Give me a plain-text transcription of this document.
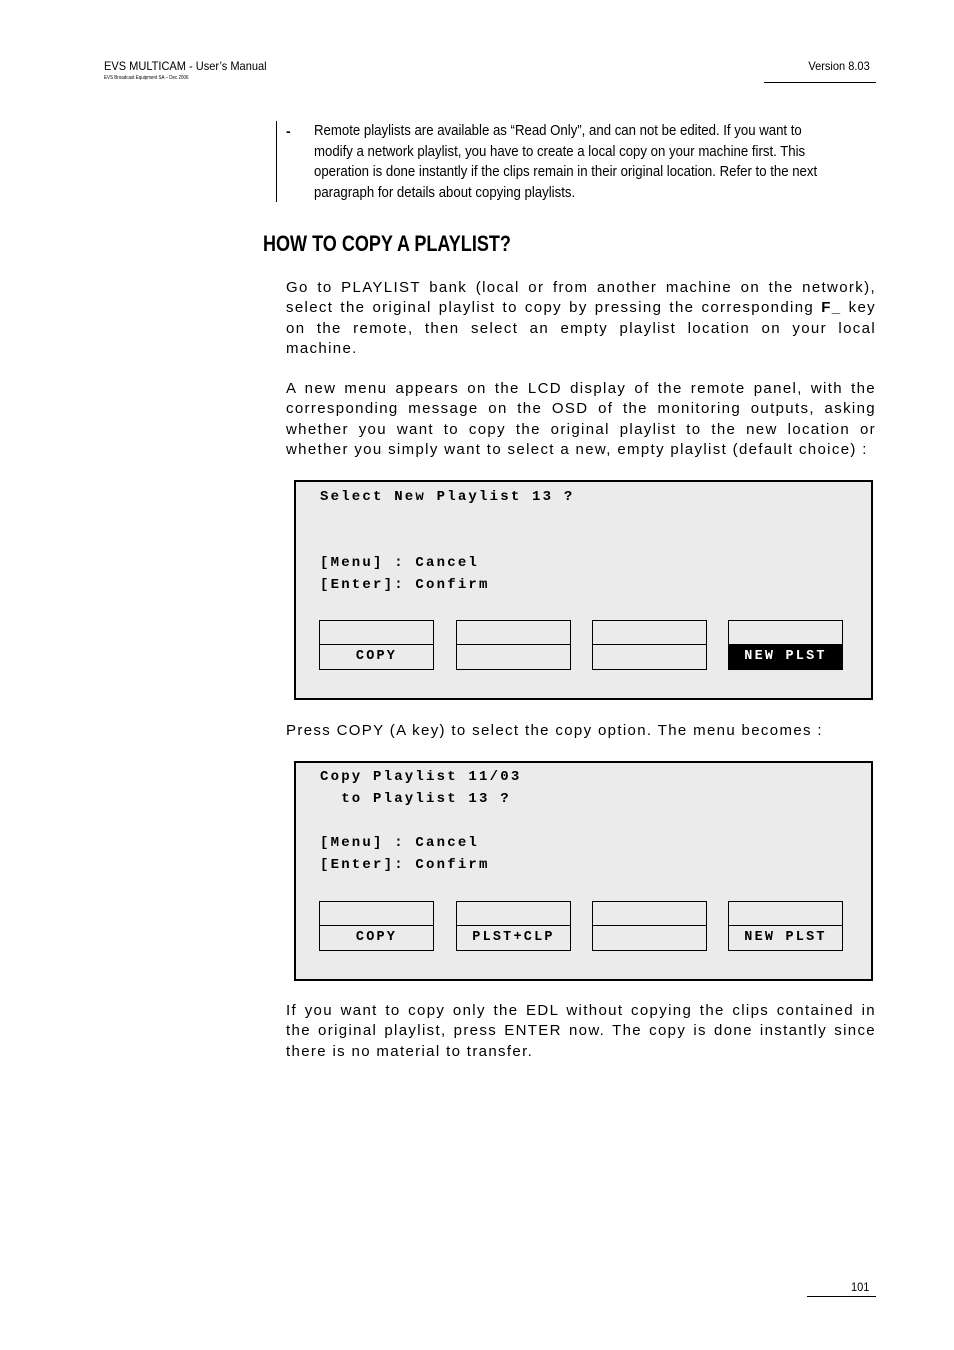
EVS MULTICAM - User’s Manual
EVS Broadcast Equipment SA – Dec 2006
Version 8.03
- Remote playlists are available as “Read Only”, and can not be edited. If you want to modify a network playlist, you have to create a local copy on your machine first. This operation is done instantly if the clips remain in their original location. Refer to the next paragraph for details about copying playlists.
HOW TO COPY A PLAYLIST?
Go to PLAYLIST bank (local or from another machine on the network), select the original playlist to copy by pressing the corresponding F_ key on the remote, then select an empty playlist location on your local machine.
A new menu appears on the LCD display of the remote panel, with the corresponding message on the OSD of the monitoring outputs, asking whether you want to copy the original playlist to the new location or whether you simply want to select a new, empty playlist (default choice) :
Select New Playlist 13 ?
[Menu] : Cancel
[Enter]: Confirm
COPY	NEW PLST
Press COPY (A key) to select the copy option. The menu becomes :
Copy Playlist 11/03
to Playlist 13 ?
[Menu] : Cancel
[Enter]: Confirm
COPY	PLST+CLP	NEW PLST
If you want to copy only the EDL without copying the clips contained in the original playlist, press ENTER now. The copy is done instantly since there is no material to transfer.
101
